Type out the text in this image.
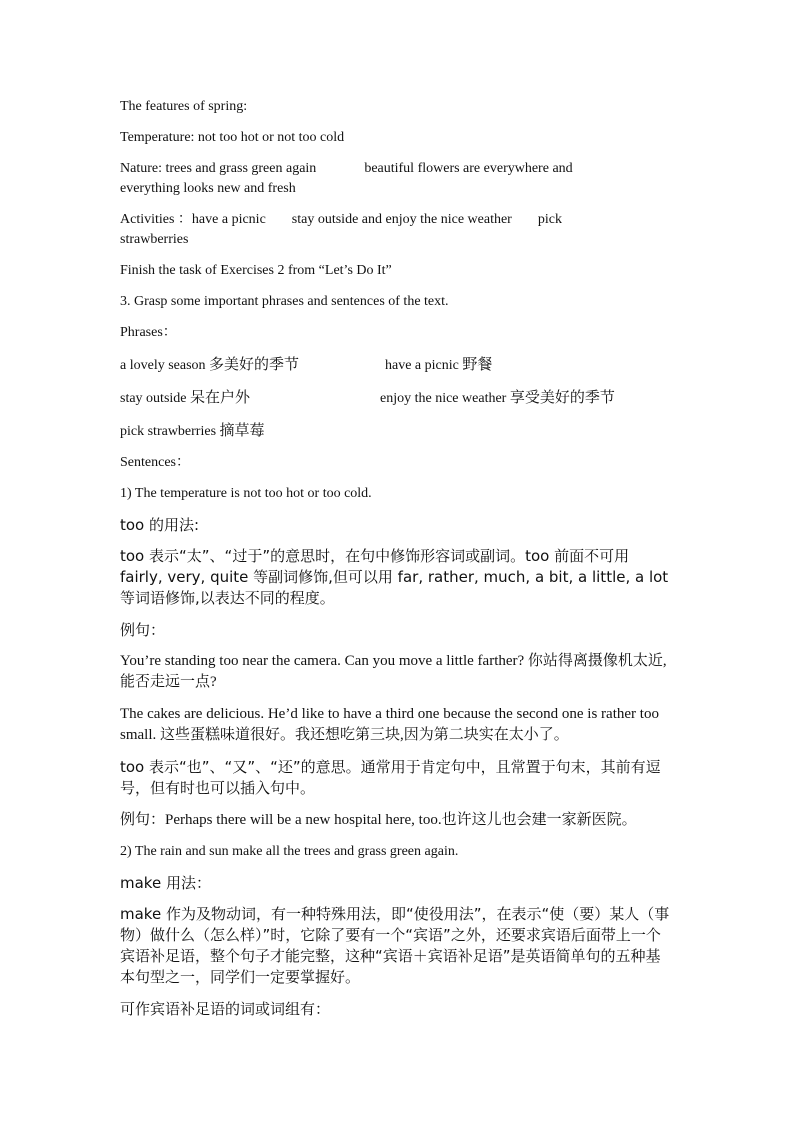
The features of spring:

Temperature: not too hot or not too cold

Nature: trees and grass green again	beautiful flowers are everywhere and
everything looks new and fresh

Activities ：have a picnic stay outside and enjoy the nice weather pick
strawberries

Finish the task of Exercises 2 from “Let’s Do It”

3. Grasp some important phrases and sentences of the text.

Phrases：

a lovely season 多美好的季节	have a picnic 野餐

stay outside 呆在户外	enjoy the nice weather 享受美好的季节

pick strawberries 摘草莓

Sentences：

1) The temperature is not too hot or too cold.

too 的用法:

too 表示“太”、“过于”的意思时，在句中修饰形容词或副词。too 前面不可用 fairly, very, quite 等副词修饰,但可以用 far, rather, much, a bit, a little, a lot 等词语修饰,以表达不同的程度。

例句：

You’re standing too near the camera. Can you move a little farther? 你站得离摄像机太近,能否走远一点?

The cakes are delicious. He’d like to have a third one because the second one is rather too small. 这些蛋糕味道很好。我还想吃第三块,因为第二块实在太小了。

too 表示“也”、“又”、“还”的意思。通常用于肯定句中，且常置于句末，其前有逗号，但有时也可以插入句中。

例句：Perhaps there will be a new hospital here, too.也许这儿也会建一家新医院。

2) The rain and sun make all the trees and grass green again.

make 用法：

make 作为及物动词，有一种特殊用法，即“使役用法”，在表示“使（要）某人（事物）做什么（怎么样）”时，它除了要有一个“宾语”之外，还要求宾语后面带上一个宾语补足语，整个句子才能完整，这种“宾语＋宾语补足语”是英语简单句的五种基本句型之一，同学们一定要掌握好。

可作宾语补足语的词或词组有：
